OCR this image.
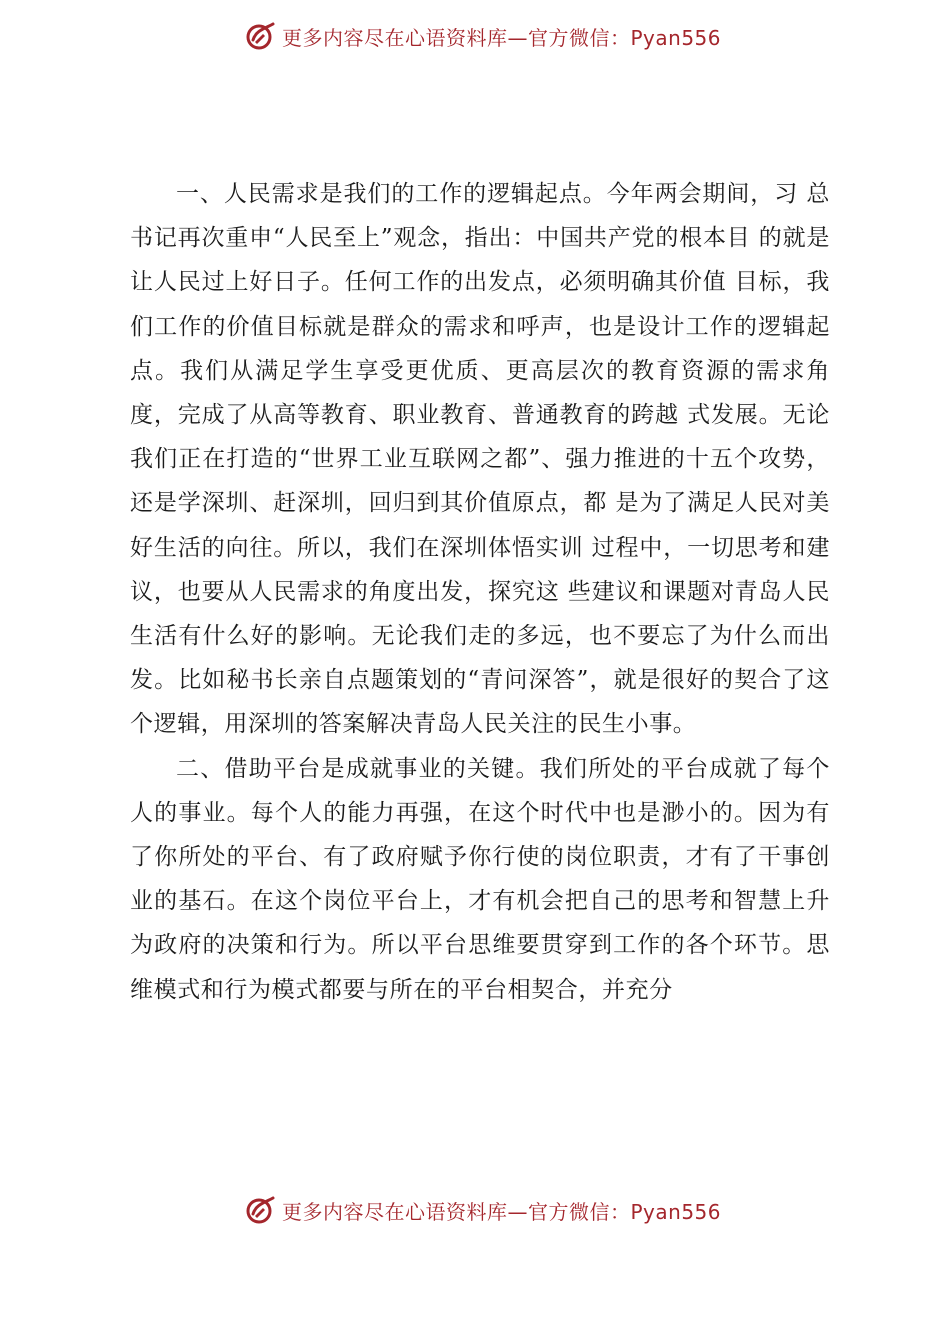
更多内容尽在心语资料库—官方微信：Pyan556

一、人民需求是我们的工作的逻辑起点。今年两会期间，习 总书记再次重申“人民至上”观念，指出：中国共产党的根本目 的就是让人民过上好日子。任何工作的出发点，必须明确其价值 目标，我们工作的价值目标就是群众的需求和呼声，也是设计工作的逻辑起点。我们从满足学生享受更优质、更高层次的教育资源的需求角度，完成了从高等教育、职业教育、普通教育的跨越 式发展。无论我们正在打造的“世界工业互联网之都”、强力推进的十五个攻势，还是学深圳、赶深圳，回归到其价值原点，都 是为了满足人民对美好生活的向往。所以，我们在深圳体悟实训 过程中，一切思考和建议，也要从人民需求的角度出发，探究这 些建议和课题对青岛人民生活有什么好的影响。无论我们走的多远，也不要忘了为什么而出发。比如秘书长亲自点题策划的“青问深答”，就是很好的契合了这个逻辑，用深圳的答案解决青岛人民关注的民生小事。

二、借助平台是成就事业的关键。我们所处的平台成就了每个人的事业。每个人的能力再强，在这个时代中也是渺小的。因为有了你所处的平台、有了政府赋予你行使的岗位职责，才有了干事创业的基石。在这个岗位平台上，才有机会把自己的思考和智慧上升为政府的决策和行为。所以平台思维要贯穿到工作的各个环节。思维模式和行为模式都要与所在的平台相契合，并充分

更多内容尽在心语资料库—官方微信：Pyan556
